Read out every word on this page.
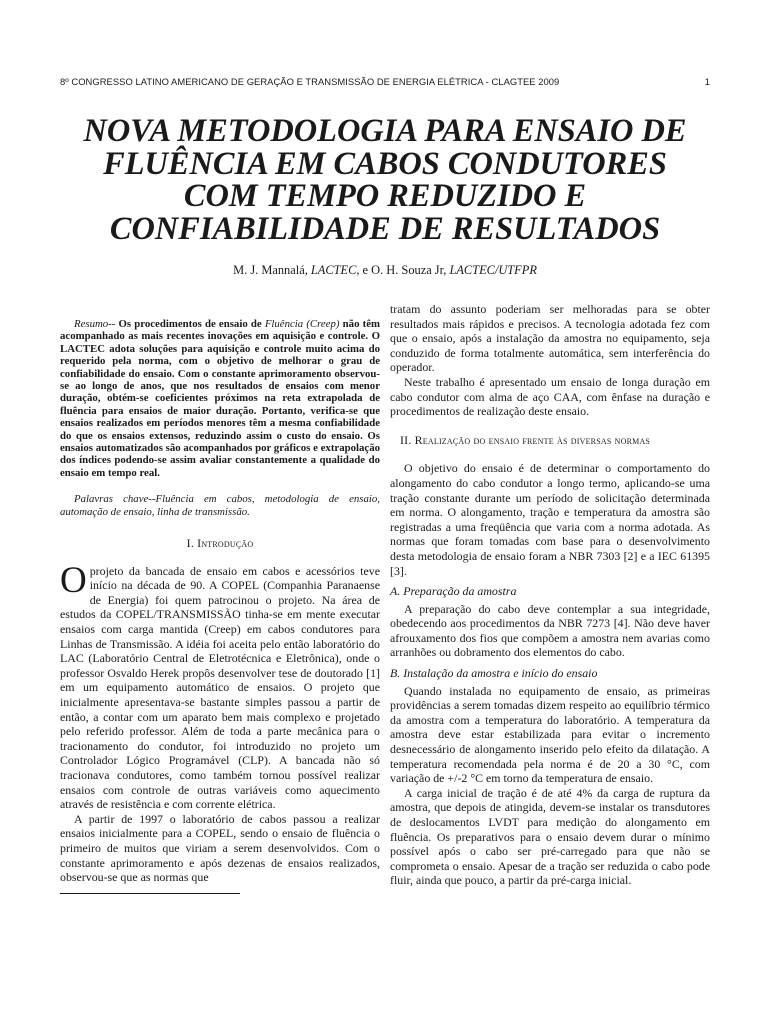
8º CONGRESSO LATINO AMERICANO DE GERAÇÃO E TRANSMISSÃO DE ENERGIA ELÉTRICA - CLAGTEE 2009	1
NOVA METODOLOGIA PARA ENSAIO DE
FLUÊNCIA EM CABOS CONDUTORES
COM TEMPO REDUZIDO E
CONFIABILIDADE DE RESULTADOS
M. J. Mannalá, LACTEC, e O. H. Souza Jr, LACTEC/UTFPR

Resumo-- Os procedimentos de ensaio de Fluência (Creep) não têm acompanhado as mais recentes inovações em aquisição e controle. O LACTEC adota soluções para aquisição e controle muito acima do requerido pela norma, com o objetivo de melhorar o grau de confiabilidade do ensaio. Com o constante aprimoramento observou-se ao longo de anos, que nos resultados de ensaios com menor duração, obtém-se coeficientes próximos na reta extrapolada de fluência para ensaios de maior duração. Portanto, verifica-se que ensaios realizados em períodos menores têm a mesma confiabilidade do que os ensaios extensos, reduzindo assim o custo do ensaio. Os ensaios automatizados são acompanhados por gráficos e extrapolação dos índices podendo-se assim avaliar constantemente a qualidade do ensaio em tempo real.

Palavras chave--Fluência em cabos, metodologia de ensaio, automação de ensaio, linha de transmissão.

I. Introdução

Oprojeto da bancada de ensaio em cabos e acessórios teve início na década de 90. A COPEL (Companhia Paranaense de Energia) foi quem patrocinou o projeto. Na área de estudos da COPEL/TRANSMISSÃO tinha-se em mente executar ensaios com carga mantida (Creep) em cabos condutores para Linhas de Transmissão. A idéia foi aceita pelo então laboratório do LAC (Laboratório Central de Eletrotécnica e Eletrônica), onde o professor Osvaldo Herek propôs desenvolver tese de doutorado [1] em um equipamento automático de ensaios. O projeto que inicialmente apresentava-se bastante simples passou a partir de então, a contar com um aparato bem mais complexo e projetado pelo referido professor. Além de toda a parte mecânica para o tracionamento do condutor, foi introduzido no projeto um Controlador Lógico Programável (CLP). A bancada não só tracionava condutores, como também tornou possível realizar ensaios com controle de outras variáveis como aquecimento através de resistência e com corrente elétrica.

A partir de 1997 o laboratório de cabos passou a realizar ensaios inicialmente para a COPEL, sendo o ensaio de fluência o primeiro de muitos que viriam a serem desenvolvidos. Com o constante aprimoramento e após dezenas de ensaios realizados, observou-se que as normas que

tratam do assunto poderiam ser melhoradas para se obter resultados mais rápidos e precisos. A tecnologia adotada fez com que o ensaio, após a instalação da amostra no equipamento, seja conduzido de forma totalmente automática, sem interferência do operador.

Neste trabalho é apresentado um ensaio de longa duração em cabo condutor com alma de aço CAA, com ênfase na duração e procedimentos de realização deste ensaio.

II. Realização do ensaio frente às diversas normas

O objetivo do ensaio é de determinar o comportamento do alongamento do cabo condutor a longo termo, aplicando-se uma tração constante durante um período de solicitação determinada em norma. O alongamento, tração e temperatura da amostra são registradas a uma freqüência que varia com a norma adotada. As normas que foram tomadas com base para o desenvolvimento desta metodologia de ensaio foram a NBR 7303 [2] e a IEC 61395 [3].

A. Preparação da amostra

A preparação do cabo deve contemplar a sua integridade, obedecendo aos procedimentos da NBR 7273 [4]. Não deve haver afrouxamento dos fios que compõem a amostra nem avarias como arranhões ou dobramento dos elementos do cabo.

B. Instalação da amostra e início do ensaio

Quando instalada no equipamento de ensaio, as primeiras providências a serem tomadas dizem respeito ao equilíbrio térmico da amostra com a temperatura do laboratório. A temperatura da amostra deve estar estabilizada para evitar o incremento desnecessário de alongamento inserido pelo efeito da dilatação. A temperatura recomendada pela norma é de 20 a 30 °C, com variação de +/-2 °C em torno da temperatura de ensaio.

A carga inicial de tração é de até 4% da carga de ruptura da amostra, que depois de atingida, devem-se instalar os transdutores de deslocamentos LVDT para medição do alongamento em fluência. Os preparativos para o ensaio devem durar o mínimo possível após o cabo ser pré-carregado para que não se comprometa o ensaio. Apesar de a tração ser reduzida o cabo pode fluir, ainda que pouco, a partir da pré-carga inicial.
